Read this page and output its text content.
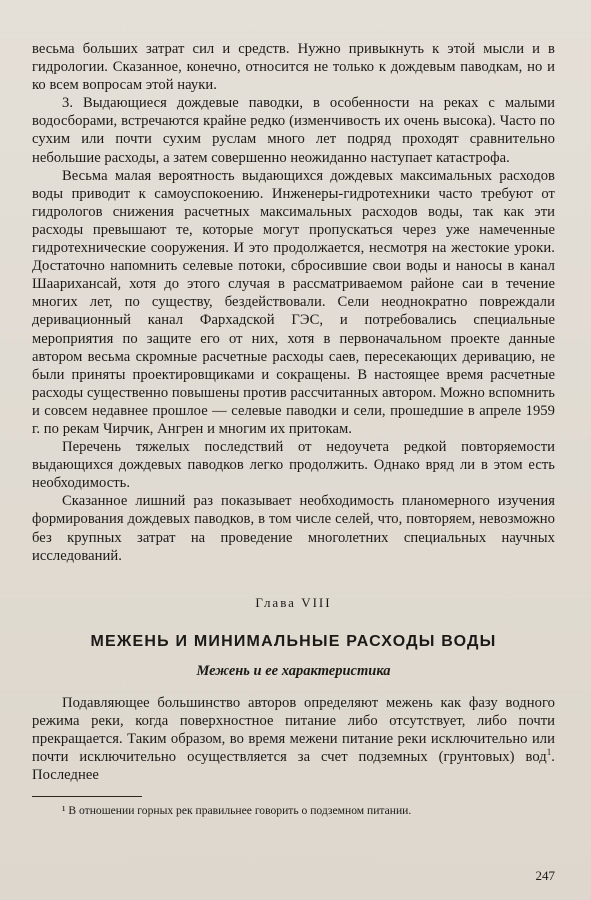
весьма больших затрат сил и средств. Нужно привыкнуть к этой мысли и в гидрологии. Сказанное, конечно, относится не только к дождевым паводкам, но и ко всем вопросам этой науки.

3. Выдающиеся дождевые паводки, в особенности на реках с малыми водосборами, встречаются крайне редко (изменчивость их очень высока). Часто по сухим или почти сухим руслам много лет подряд проходят сравнительно небольшие расходы, а затем совершенно неожиданно наступает катастрофа.

Весьма малая вероятность выдающихся дождевых максимальных расходов воды приводит к самоуспокоению. Инженеры-гидротехники часто требуют от гидрологов снижения расчетных максимальных расходов воды, так как эти расходы превышают те, которые могут пропускаться через уже намеченные гидротехнические сооружения. И это продолжается, несмотря на жестокие уроки. Достаточно напомнить селевые потоки, сбросившие свои воды и наносы в канал Шаариханcай, хотя до этого случая в рассматриваемом районе саи в течение многих лет, по существу, бездействовали. Сели неоднократно повреждали деривационный канал Фархадской ГЭС, и потребовались специальные мероприятия по защите его от них, хотя в первоначальном проекте данные автором весьма скромные расчетные расходы саев, пересекающих деривацию, не были приняты проектировщиками и сокращены. В настоящее время расчетные расходы существенно повышены против рассчитанных автором. Можно вспомнить и совсем недавнее прошлое — селевые паводки и сели, прошедшие в апреле 1959 г. по рекам Чирчик, Ангрен и многим их притокам.

Перечень тяжелых последствий от недоучета редкой повторяемости выдающихся дождевых паводков легко продолжить. Однако вряд ли в этом есть необходимость.

Сказанное лишний раз показывает необходимость планомерного изучения формирования дождевых паводков, в том числе селей, что, повторяем, невозможно без крупных затрат на проведение многолетних специальных научных исследований.

Глава VIII
МЕЖЕНЬ И МИНИМАЛЬНЫЕ РАСХОДЫ ВОДЫ
Межень и ее характеристика

Подавляющее большинство авторов определяют межень как фазу водного режима реки, когда поверхностное питание либо отсутствует, либо почти прекращается. Таким образом, во время межени питание реки исключительно или почти исключительно осуществляется за счет подземных (грунтовых) вод$^1$. Последнее

¹ В отношении горных рек правильнее говорить о подземном питании.
247
